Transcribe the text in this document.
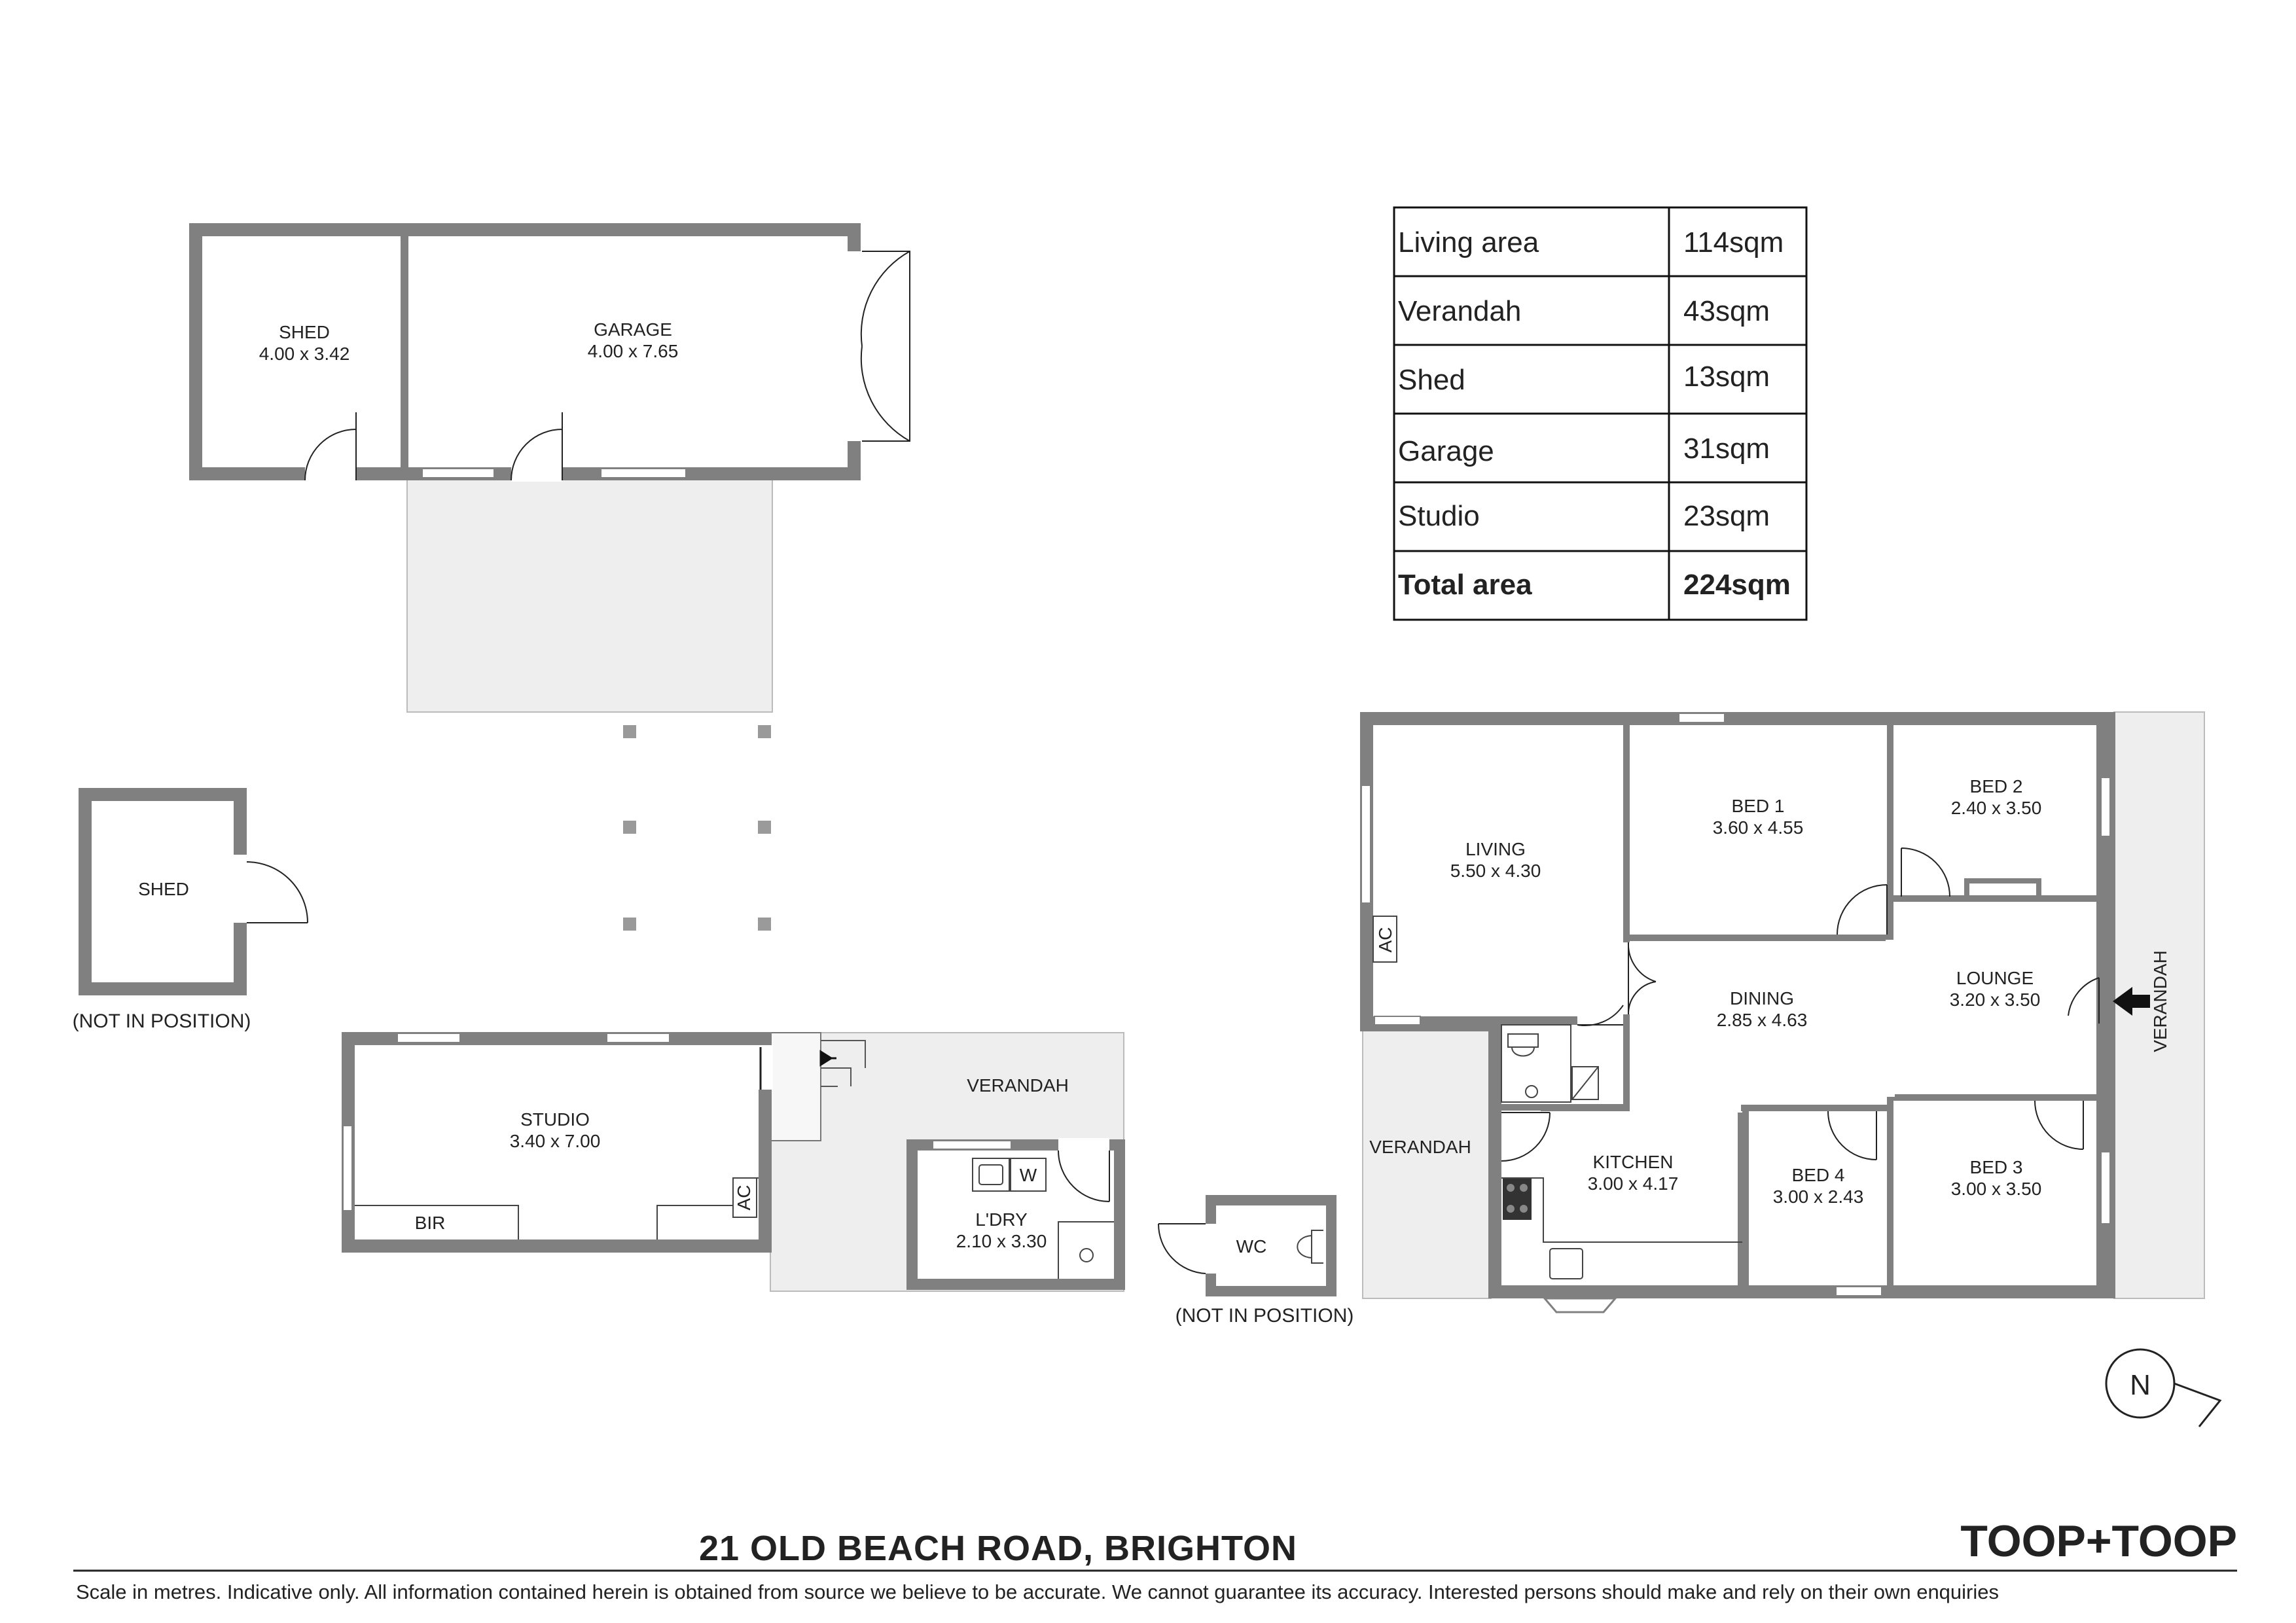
SHED
4.00 x 3.42
GARAGE
4.00 x 7.65
SHED
(NOT IN POSITION)
AC
STUDIO
3.40 x 7.00
BIR
VERANDAH
W
L'DRY
2.10 x 3.30	WC
(NOT IN POSITION)
AC
LIVING
5.50 x 4.30
BED 1
3.60 x 4.55
BED 2
2.40 x 3.50
DINING
2.85 x 4.63
LOUNGE
3.20 x 3.50
VERANDAH
VERANDAH
KITCHEN
3.00 x 4.17	BED 4
3.00 x 2.43
BED 3
3.00 x 3.50
Living area	114sqm
Verandah	43sqm
Shed	13sqm
Garage	31sqm
Studio	23sqm
Total area	224sqm
N
21 OLD BEACH ROAD, BRIGHTON	TOOP+TOOP
Scale in metres. Indicative only. All information contained herein is obtained from source we believe to be accurate. We cannot guarantee its accuracy. Interested persons should make and rely on their own enquiries
